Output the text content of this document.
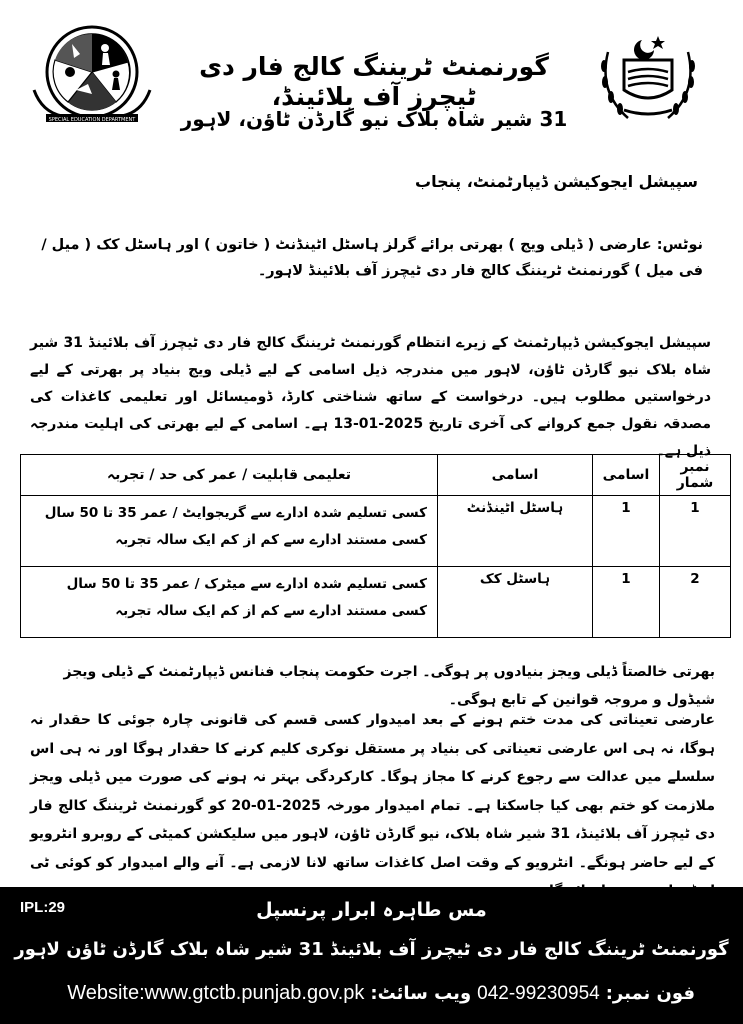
SPECIAL EDUCATION DEPARTMENT
گورنمنٹ ٹریننگ کالج فار دی ٹیچرز آف بلائینڈ،
31 شیر شاہ بلاک نیو گارڈن ٹاؤن، لاہور
سپیشل ایجوکیشن ڈیپارٹمنٹ، پنجاب
نوٹس: عارضی ( ڈیلی ویج ) بھرتی برائے گرلز ہاسٹل اٹینڈنٹ ( خاتون ) اور ہاسٹل کک ( میل / فی میل ) گورنمنٹ ٹریننگ کالج فار دی ٹیچرز آف بلائینڈ لاہور۔
سپیشل ایجوکیشن ڈیپارٹمنٹ کے زیرے انتظام گورنمنٹ ٹریننگ کالج فار دی ٹیچرز آف بلائینڈ 31 شیر شاہ بلاک نیو گارڈن ٹاؤن، لاہور میں مندرجہ ذیل اسامی کے لیے ڈیلی ویج بنیاد پر بھرتی کے لیے درخواستیں مطلوب ہیں۔ درخواست کے ساتھ شناختی کارڈ، ڈومیسائل اور تعلیمی کاغذات کی مصدقہ نقول جمع کروانے کی آخری تاریخ 2025-01-13 ہے۔ اسامی کے لیے بھرتی کی اہلیت مندرجہ ذیل ہے۔
نمبر شمار	اسامی	اسامی	تعلیمی قابلیت / عمر کی حد / تجربہ
1	1	ہاسٹل اٹینڈنٹ	کسی تسلیم شدہ ادارے سے گریجوایٹ / عمر 35 تا 50 سال
کسی مستند ادارے سے کم از کم ایک سالہ تجربہ

2	1	ہاسٹل کک	کسی تسلیم شدہ ادارے سے میٹرک / عمر 35 تا 50 سال
کسی مستند ادارے سے کم از کم ایک سالہ تجربہ
بھرتی خالصتاً ڈیلی ویجز بنیادوں پر ہوگی۔ اجرت حکومت پنجاب فنانس ڈیپارٹمنٹ کے ڈیلی ویجز شیڈول و مروجہ قوانین کے تابع ہوگی۔
عارضی تعیناتی کی مدت ختم ہونے کے بعد امیدوار کسی قسم کی قانونی چارہ جوئی کا حقدار نہ ہوگا، نہ ہی اس عارضی تعیناتی کی بنیاد پر مستقل نوکری کلیم کرنے کا حقدار ہوگا اور نہ ہی اس سلسلے میں عدالت سے رجوع کرنے کا مجاز ہوگا۔ کارکردگی بہتر نہ ہونے کی صورت میں ڈیلی ویجز ملازمت کو ختم بھی کیا جاسکتا ہے۔ تمام امیدوار مورخہ 2025-01-20 کو گورنمنٹ ٹریننگ کالج فار دی ٹیچرز آف بلائینڈ، 31 شیر شاہ بلاک، نیو گارڈن ٹاؤن، لاہور میں سلیکشن کمیٹی کے روبرو انٹرویو کے لیے حاضر ہونگے۔ انٹرویو کے وقت اصل کاغذات ساتھ لانا لازمی ہے۔ آنے والے امیدوار کو کوئی ٹی
IPL:29	مس طاہرہ ابرار پرنسپل
گورنمنٹ ٹریننگ کالج فار دی ٹیچرز آف بلائینڈ 31 شیر شاہ بلاک گارڈن ٹاؤن لاہور
Website:www.gtctb.punjab.gov.pk ویب سائٹ: 042-99230954 فون نمبر:
